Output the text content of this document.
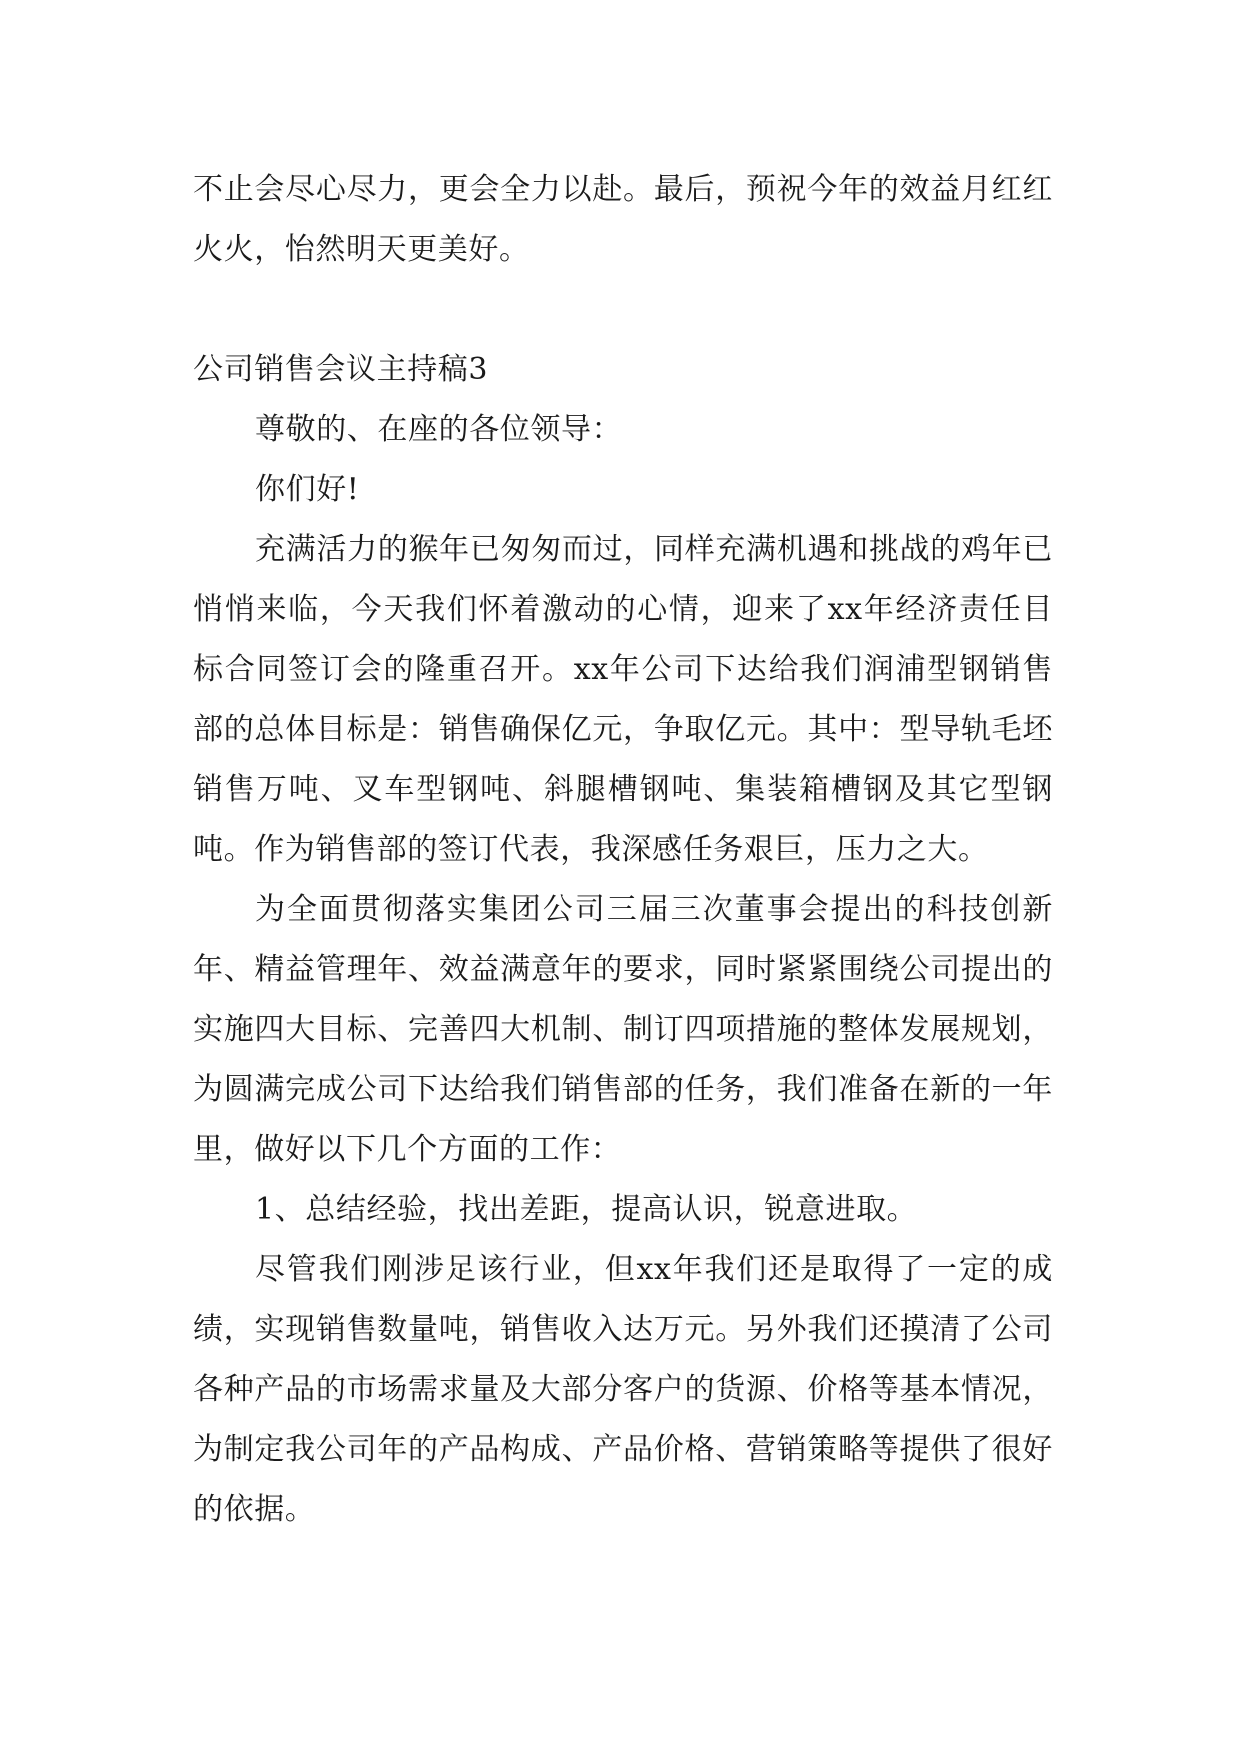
不止会尽心尽力，更会全力以赴。最后，预祝今年的效益月红红火火，怡然明天更美好。

公司销售会议主持稿3

尊敬的、在座的各位领导：

你们好!

充满活力的猴年已匆匆而过，同样充满机遇和挑战的鸡年已悄悄来临，今天我们怀着激动的心情，迎来了xx年经济责任目标合同签订会的隆重召开。xx年公司下达给我们润浦型钢销售部的总体目标是：销售确保亿元，争取亿元。其中：型导轨毛坯销售万吨、叉车型钢吨、斜腿槽钢吨、集装箱槽钢及其它型钢吨。作为销售部的签订代表，我深感任务艰巨，压力之大。

为全面贯彻落实集团公司三届三次董事会提出的科技创新年、精益管理年、效益满意年的要求，同时紧紧围绕公司提出的实施四大目标、完善四大机制、制订四项措施的整体发展规划，为圆满完成公司下达给我们销售部的任务，我们准备在新的一年里，做好以下几个方面的工作：

1、总结经验，找出差距，提高认识，锐意进取。

尽管我们刚涉足该行业，但xx年我们还是取得了一定的成绩，实现销售数量吨，销售收入达万元。另外我们还摸清了公司各种产品的市场需求量及大部分客户的货源、价格等基本情况，为制定我公司年的产品构成、产品价格、营销策略等提供了很好的依据。
